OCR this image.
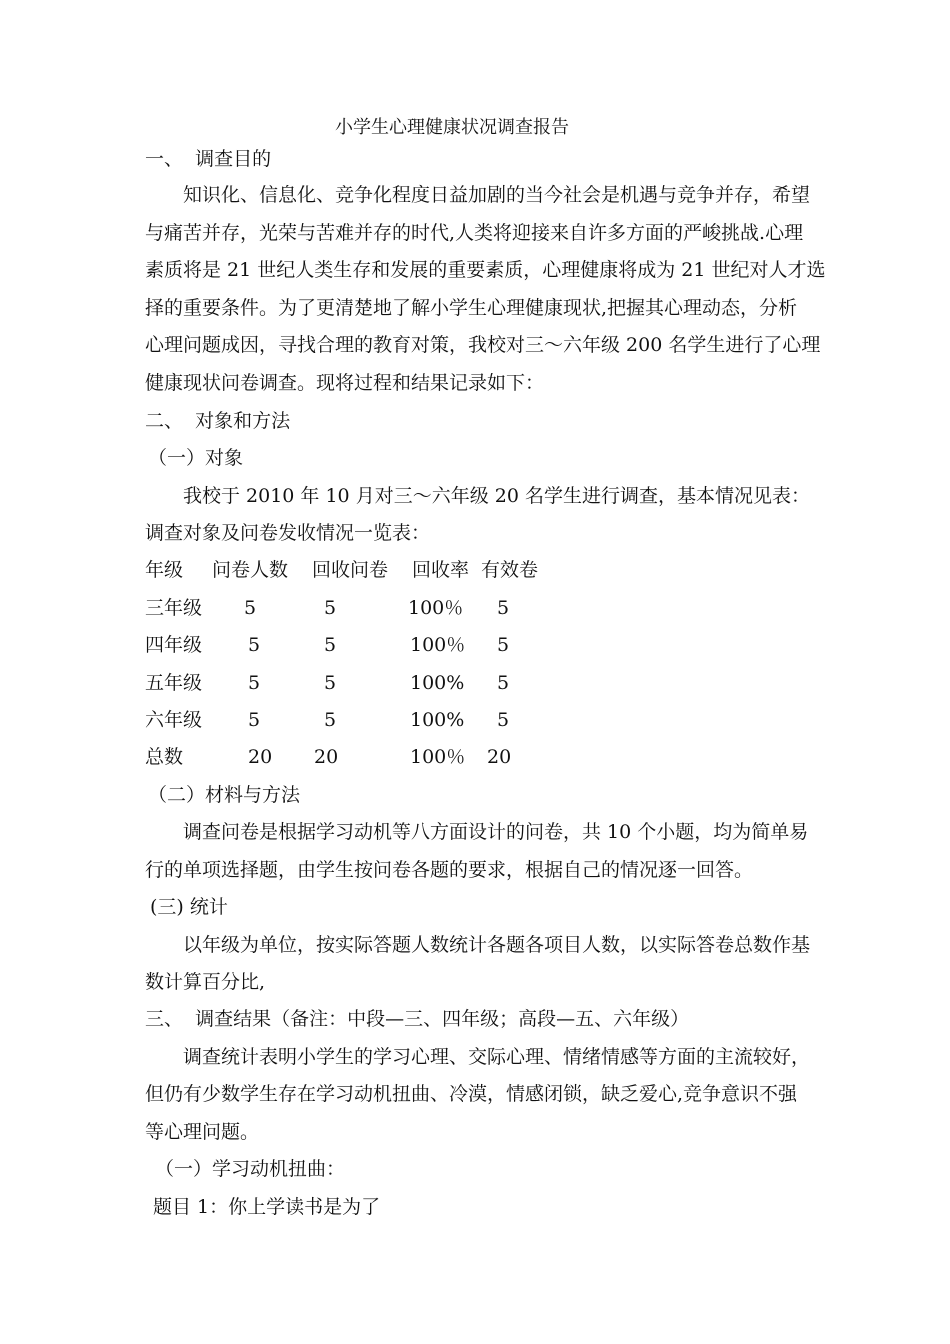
小学生心理健康状况调查报告
一、  调查目的
知识化、信息化、竞争化程度日益加剧的当今社会是机遇与竞争并存，希望
与痛苦并存，光荣与苦难并存的时代,人类将迎接来自许多方面的严峻挑战.心理
素质将是 21 世纪人类生存和发展的重要素质，心理健康将成为 21 世纪对人才选
择的重要条件。为了更清楚地了解小学生心理健康现状,把握其心理动态，分析
心理问题成因，寻找合理的教育对策，我校对三～六年级 200 名学生进行了心理
健康现状问卷调查。现将过程和结果记录如下：
二、  对象和方法
（一）对象
我校于 2010 年 10 月对三～六年级 20 名学生进行调查，基本情况见表：
调查对象及问卷发收情况一览表：
年级 问卷人数 回收问卷 回收率 有效卷
三年级 5	5	100％ 5
四年级 5	5	100％ 5
五年级 5	5	100% 5
六年级 5	5	100% 5
总数	20 20	100％ 20
（二）材料与方法
调查问卷是根据学习动机等八方面设计的问卷，共 10 个小题，均为简单易
行的单项选择题，由学生按问卷各题的要求，根据自己的情况逐一回答。
(三) 统计
以年级为单位，按实际答题人数统计各题各项目人数，以实际答卷总数作基
数计算百分比,
三、  调查结果（备注：中段—三、四年级；高段—五、六年级）
调查统计表明小学生的学习心理、交际心理、情绪情感等方面的主流较好，
但仍有少数学生存在学习动机扭曲、冷漠，情感闭锁，缺乏爱心,竞争意识不强
等心理问题。
（一）学习动机扭曲：
题目 1：你上学读书是为了
